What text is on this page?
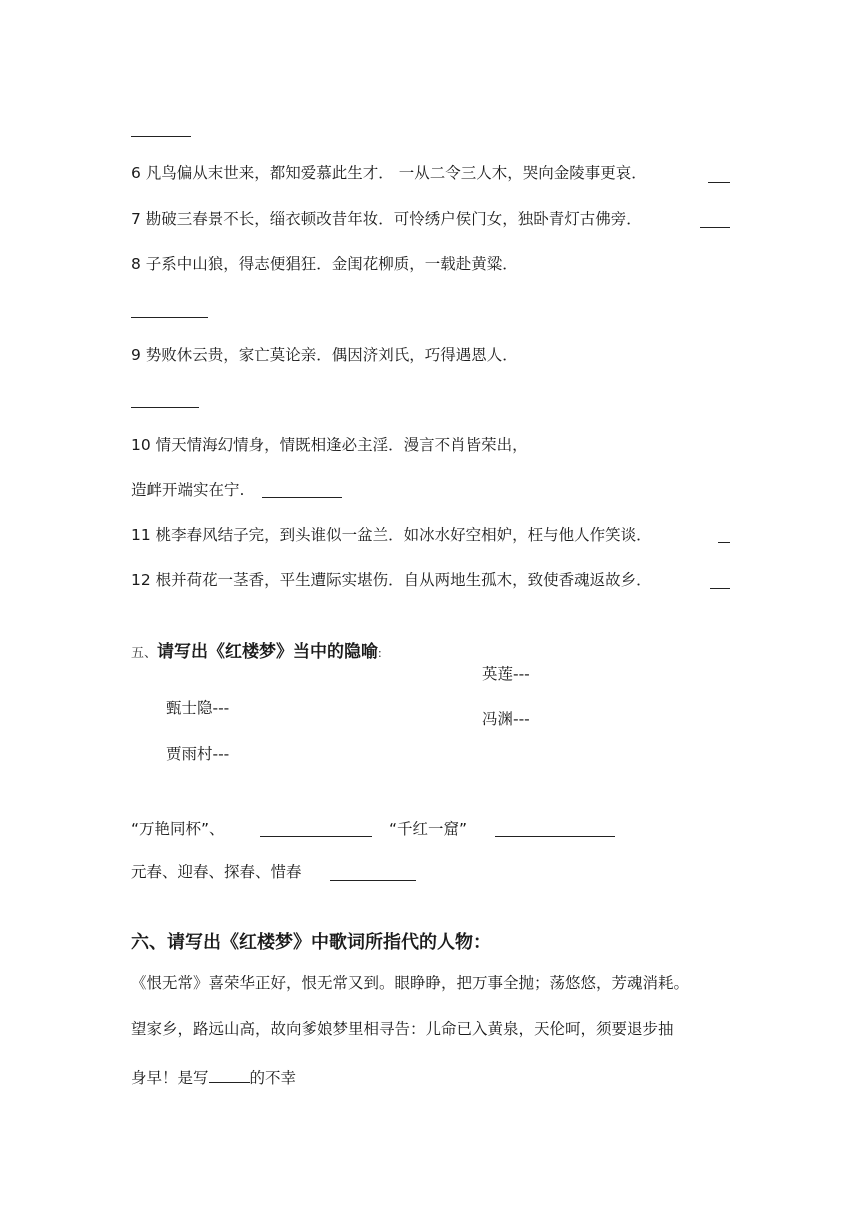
6 凡鸟偏从末世来，都知爱慕此生才． 一从二令三人木，哭向金陵事更哀．
7 勘破三春景不长，缁衣顿改昔年妆．可怜绣户侯门女，独卧青灯古佛旁．
8 子系中山狼，得志便猖狂．金闺花柳质，一载赴黄粱．
9 势败休云贵，家亡莫论亲．偶因济刘氏，巧得遇恩人．
10 情天情海幻情身，情既相逢必主淫．漫言不肖皆荣出，
造衅开端实在宁.
11 桃李春风结子完，到头谁似一盆兰．如冰水好空相妒，枉与他人作笑谈．
12 根并荷花一茎香，平生遭际实堪伤．自从两地生孤木，致使香魂返故乡．
五、请写出《红楼梦》当中的隐喻:
英莲---
甄士隐---
冯渊---
贾雨村---
“万艳同杯”、	“千红一窟”
元春、迎春、探春、惜春
六、请写出《红楼梦》中歌词所指代的人物：
《恨无常》喜荣华正好，恨无常又到。眼睁睁，把万事全抛；荡悠悠，芳魂消耗。
望家乡，路远山高，故向爹娘梦里相寻告：儿命已入黄泉，天伦呵，须要退步抽
身早！是写	的不幸
